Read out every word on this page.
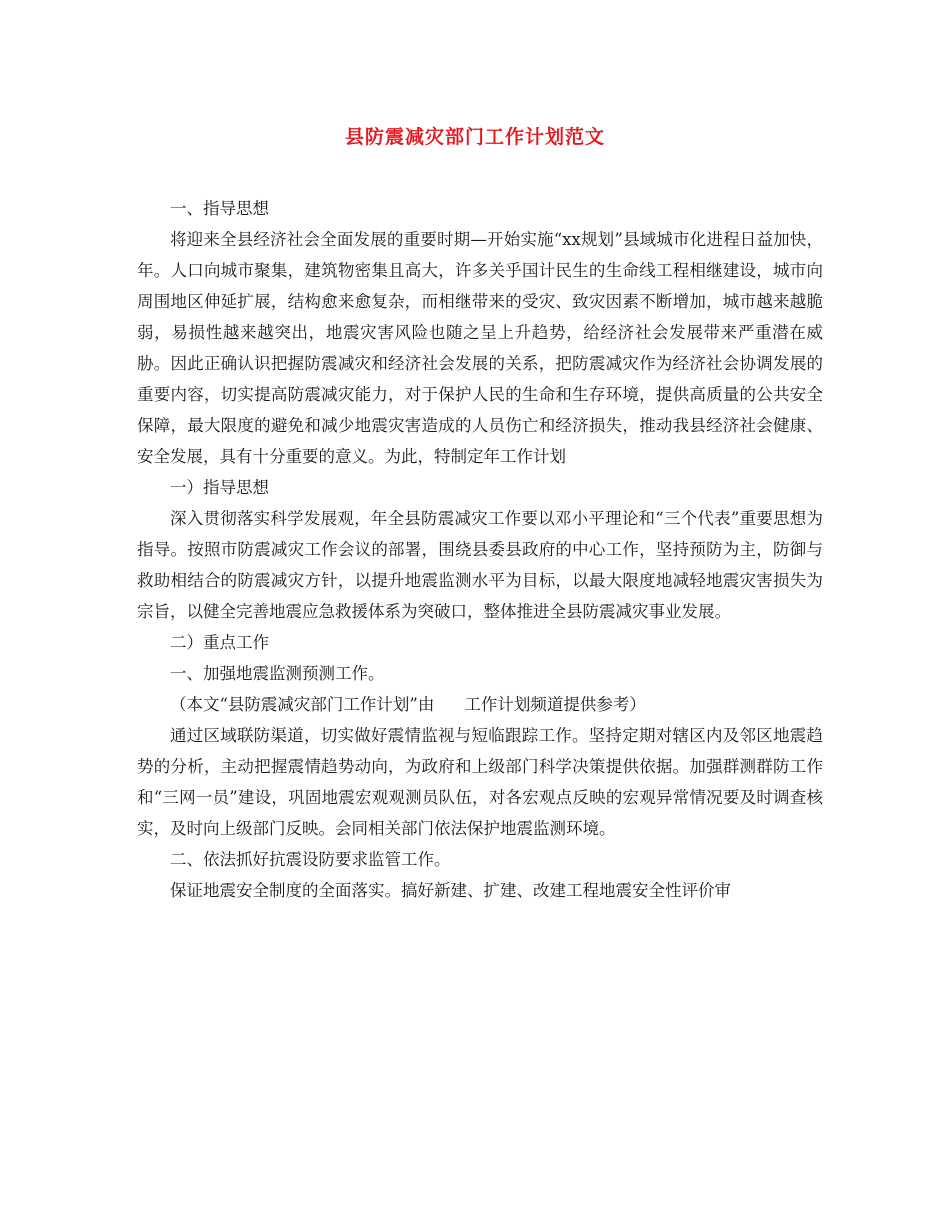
县防震减灾部门工作计划范文

一、指导思想

将迎来全县经济社会全面发展的重要时期—开始实施“xx规划”县域城市化进程日益加快，年。人口向城市聚集，建筑物密集且高大，许多关乎国计民生的生命线工程相继建设，城市向周围地区伸延扩展，结构愈来愈复杂，而相继带来的受灾、致灾因素不断增加，城市越来越脆弱，易损性越来越突出，地震灾害风险也随之呈上升趋势，给经济社会发展带来严重潜在威胁。因此正确认识把握防震减灾和经济社会发展的关系，把防震减灾作为经济社会协调发展的重要内容，切实提高防震减灾能力，对于保护人民的生命和生存环境，提供高质量的公共安全保障，最大限度的避免和减少地震灾害造成的人员伤亡和经济损失，推动我县经济社会健康、安全发展，具有十分重要的意义。为此，特制定年工作计划

一）指导思想

深入贯彻落实科学发展观，年全县防震减灾工作要以邓小平理论和“三个代表”重要思想为指导。按照市防震减灾工作会议的部署，围绕县委县政府的中心工作，坚持预防为主，防御与救助相结合的防震减灾方针，以提升地震监测水平为目标，以最大限度地减轻地震灾害损失为宗旨，以健全完善地震应急救援体系为突破口，整体推进全县防震减灾事业发展。

二）重点工作

一、加强地震监测预测工作。

（本文“县防震减灾部门工作计划”由 工作计划频道提供参考）

通过区域联防渠道，切实做好震情监视与短临跟踪工作。坚持定期对辖区内及邻区地震趋势的分析，主动把握震情趋势动向，为政府和上级部门科学决策提供依据。加强群测群防工作和“三网一员”建设，巩固地震宏观观测员队伍，对各宏观点反映的宏观异常情况要及时调查核实，及时向上级部门反映。会同相关部门依法保护地震监测环境。

二、依法抓好抗震设防要求监管工作。

保证地震安全制度的全面落实。搞好新建、扩建、改建工程地震安全性评价审
